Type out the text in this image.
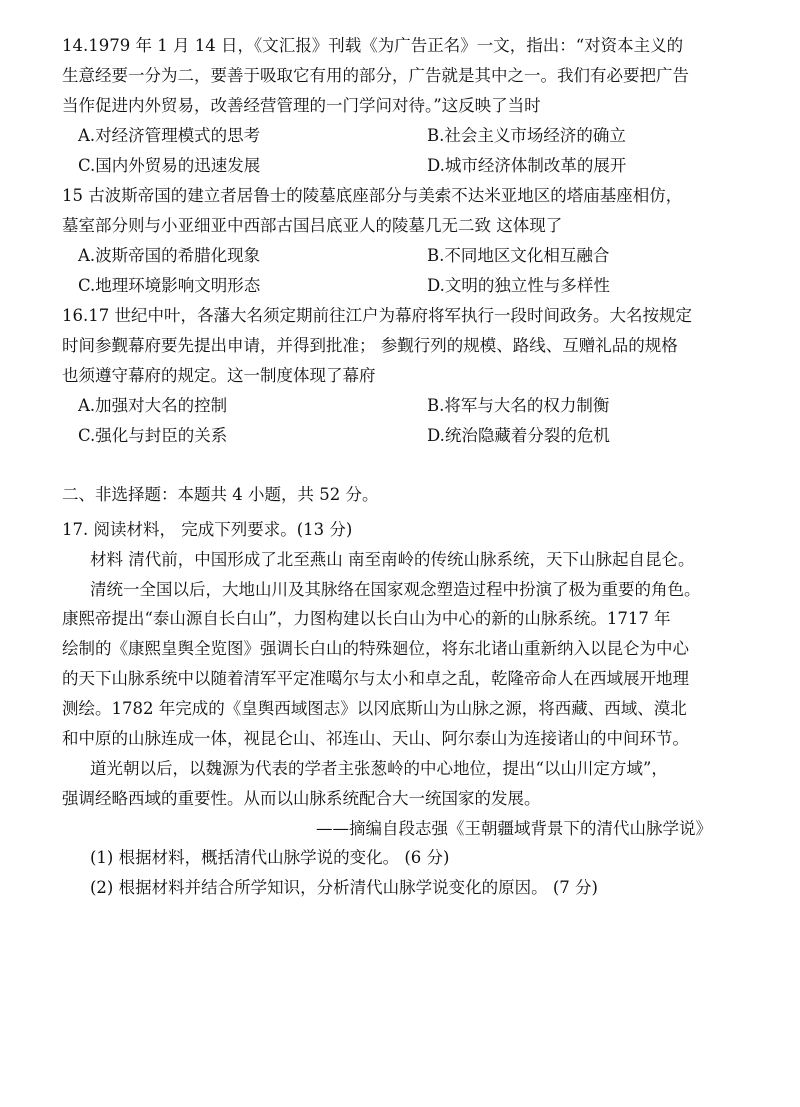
14.1979 年 1 月 14 日，《文汇报》刊载《为广告正名》一文，指出：“对资本主义的
生意经要一分为二，要善于吸取它有用的部分，广告就是其中之一。我们有必要把广告
当作促进内外贸易，改善经营管理的一门学问对待。”这反映了当时
A.对经济管理模式的思考	B.社会主义市场经济的确立
C.国内外贸易的迅速发展	D.城市经济体制改革的展开
15 古波斯帝国的建立者居鲁士的陵墓底座部分与美索不达米亚地区的塔庙基座相仿，
墓室部分则与小亚细亚中西部古国吕底亚人的陵墓几无二致 这体现了
A.波斯帝国的希腊化现象	B.不同地区文化相互融合
C.地理环境影响文明形态	D.文明的独立性与多样性
16.17 世纪中叶，各藩大名须定期前往江户为幕府将军执行一段时间政务。大名按规定
时间参觐幕府要先提出申请，并得到批准； 参觐行列的规模、路线、互赠礼品的规格
也须遵守幕府的规定。这一制度体现了幕府
A.加强对大名的控制	B.将军与大名的权力制衡
C.强化与封臣的关系	D.统治隐藏着分裂的危机
二、非选择题：本题共 4 小题，共 52 分。
17. 阅读材料， 完成下列要求。(13 分)
材料 清代前，中国形成了北至燕山 南至南岭的传统山脉系统，天下山脉起自昆仑。
清统一全国以后，大地山川及其脉络在国家观念塑造过程中扮演了极为重要的角色。
康熙帝提出“泰山源自长白山”，力图构建以长白山为中心的新的山脉系统。1717 年
绘制的《康熙皇舆全览图》强调长白山的特殊廻位，将东北诸山重新纳入以昆仑为中心
的天下山脉系统中以随着清军平定准噶尔与太小和卓之乱，乾隆帝命人在西域展开地理
测绘。1782 年完成的《皇舆西域图志》以冈底斯山为山脉之源，将西藏、西域、漠北
和中原的山脉连成一体，视昆仑山、祁连山、天山、阿尔泰山为连接诸山的中间环节。
道光朝以后，以魏源为代表的学者主张葱岭的中心地位，提出“以山川定方域”，
强调经略西域的重要性。从而以山脉系统配合大一统国家的发展。
——摘编自段志强《王朝疆域背景下的清代山脉学说》
(1) 根据材料，概括清代山脉学说的变化。 (6 分)
(2) 根据材料并结合所学知识，分析清代山脉学说变化的原因。 (7 分)
